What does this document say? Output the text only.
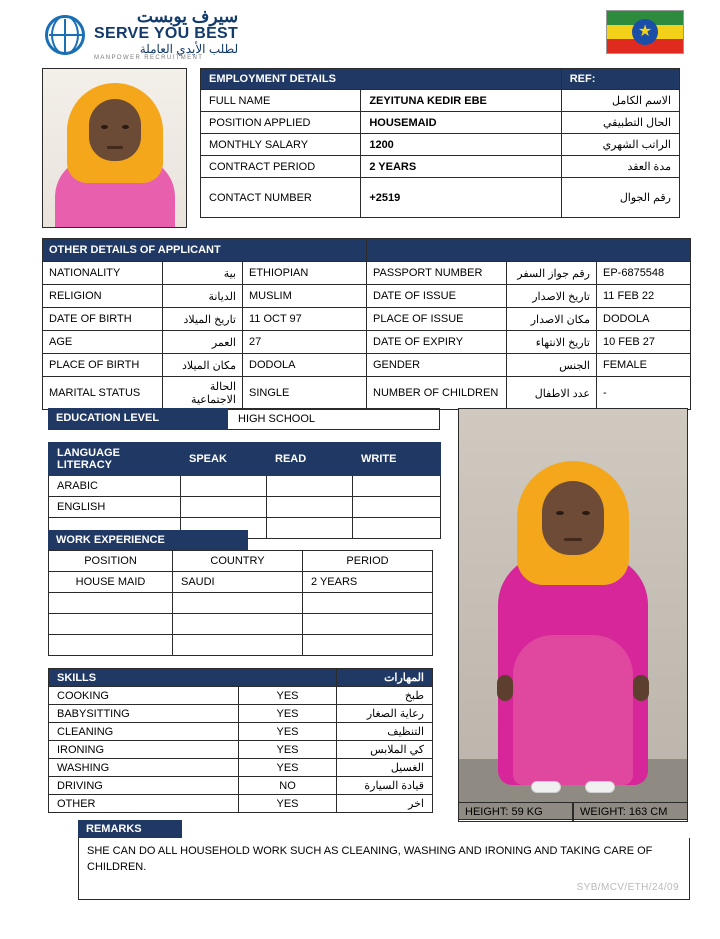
سيرف يوبست
SERVE YOU BEST
لطلب الأيدي العاملة
MANPOWER RECRUITMENT
★
EMPLOYMENT DETAILS		REF:
FULL NAME	ZEYITUNA KEDIR EBE	الاسم الكامل
POSITION APPLIED	HOUSEMAID	الحال التطبيقي
MONTHLY SALARY	1200	الراتب الشهري
CONTRACT PERIOD	2 YEARS	مدة العقد
CONTACT NUMBER	+2519	رقم الجوال
OTHER DETAILS OF APPLICANT					
NATIONALITY	بية	ETHIOPIAN	PASSPORT NUMBER	رقم جواز السفر	EP-6875548
RELIGION	الديانة	MUSLIM	DATE OF ISSUE	تاريخ الاصدار	11 FEB 22
DATE OF BIRTH	تاريخ الميلاد	11 OCT 97	PLACE OF ISSUE	مكان الاصدار	DODOLA
AGE	العمر	27	DATE OF EXPIRY	تاريخ الانتهاء	10 FEB 27
PLACE OF BIRTH	مكان الميلاد	DODOLA	GENDER	الجنس	FEMALE
MARITAL STATUS	الحالة الاجتماعية	SINGLE	NUMBER OF CHILDREN	عدد الاطفال	-
EDUCATION LEVEL	HIGH SCHOOL
LANGUAGE LITERACY	SPEAK	READ	WRITE
ARABIC			
ENGLISH			

WORK EXPERIENCE
POSITION	COUNTRY	PERIOD
HOUSE MAID	SAUDI	2 YEARS

SKILLS		المهارات
COOKING	YES	طبخ
BABYSITTING	YES	رعاية الصغار
CLEANING	YES	التنظيف
IRONING	YES	كي الملابس
WASHING	YES	الغسيل
DRIVING	NO	قيادة السيارة
OTHER	YES	اخر
HEIGHT: 59 KG	WEIGHT: 163 CM
REMARKS
SHE CAN DO ALL HOUSEHOLD WORK SUCH AS CLEANING, WASHING AND IRONING AND TAKING CARE OF CHILDREN.
SYB/MCV/ETH/24/09
